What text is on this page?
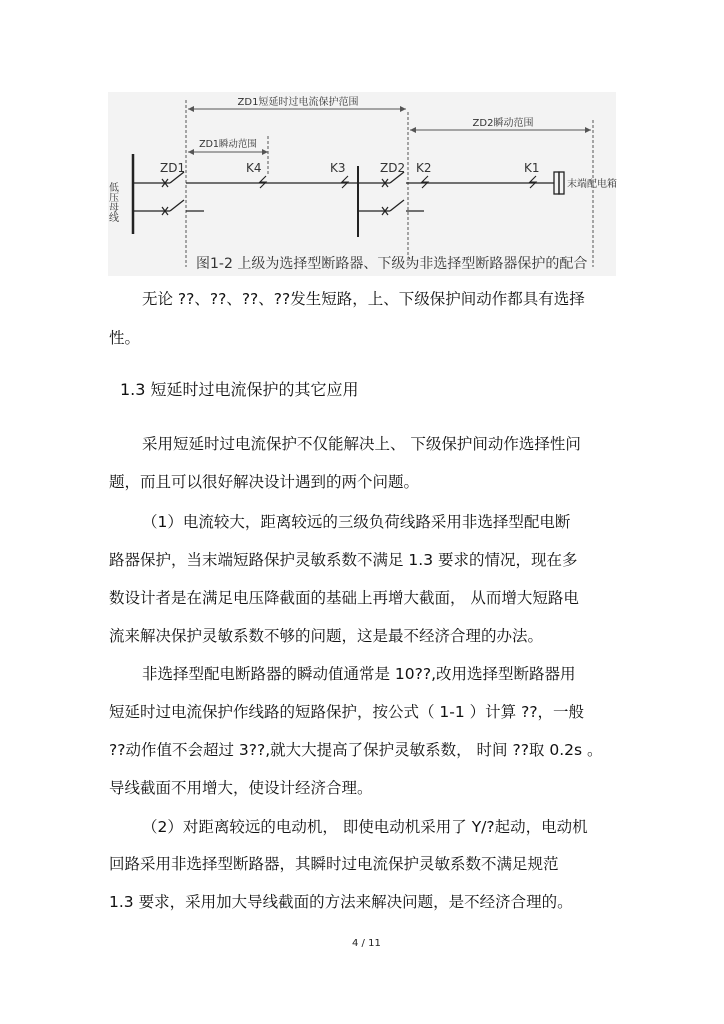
ZD1短延时过电流保护范围
ZD1瞬动范围
ZD2瞬动范围
低压母线
ZD1	K4	K3	ZD2 K2	K1
末端配电箱
图1-2 上级为选择型断路器、下级为非选择型断路器保护的配合
无论 ??、??、??、??发生短路，上、下级保护间动作都具有选择
性。
1.3 短延时过电流保护的其它应用
采用短延时过电流保护不仅能解决上、 下级保护间动作选择性问
题，而且可以很好解决设计遇到的两个问题。
（1）电流较大，距离较远的三级负荷线路采用非选择型配电断
路器保护，当末端短路保护灵敏系数不满足 1.3 要求的情况，现在多
数设计者是在满足电压降截面的基础上再增大截面， 从而增大短路电
流来解决保护灵敏系数不够的问题，这是最不经济合理的办法。
非选择型配电断路器的瞬动值通常是 10??,改用选择型断路器用
短延时过电流保护作线路的短路保护，按公式（ 1-1 ）计算 ??，一般
??动作值不会超过 3??,就大大提高了保护灵敏系数， 时间 ??取 0.2s 。
导线截面不用增大，使设计经济合理。
（2）对距离较远的电动机， 即使电动机采用了 Y/?起动，电动机
回路采用非选择型断路器，其瞬时过电流保护灵敏系数不满足规范
1.3 要求，采用加大导线截面的方法来解决问题，是不经济合理的。
4 / 11
